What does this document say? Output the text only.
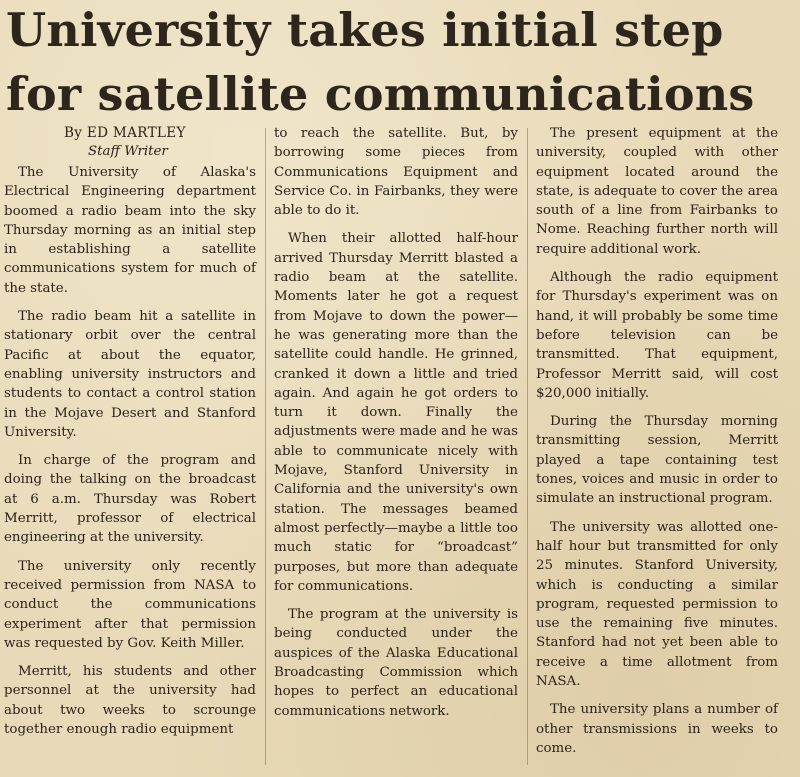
University takes initial step
for satellite communications
By ED MARTLEY
Staff Writer

The University of Alaska's Electrical Engineering department boomed a radio beam into the sky Thursday morning as an initial step in establishing a satellite communications system for much of the state.

The radio beam hit a satellite in stationary orbit over the central Pacific at about the equator, enabling university instructors and students to contact a control station in the Mojave Desert and Stanford University.

In charge of the program and doing the talking on the broadcast at 6 a.m. Thursday was Robert Merritt, professor of electrical engineering at the university.

The university only recently received permission from NASA to conduct the communications experiment after that permission was requested by Gov. Keith Miller.

Merritt, his students and other personnel at the university had about two weeks to scrounge together enough radio equipment

to reach the satellite. But, by borrowing some pieces from Communications Equipment and Service Co. in Fairbanks, they were able to do it.

When their allotted half-hour arrived Thursday Merritt blasted a radio beam at the satellite. Moments later he got a request from Mojave to down the power—he was generating more than the satellite could handle. He grinned, cranked it down a little and tried again. And again he got orders to turn it down. Finally the adjustments were made and he was able to communicate nicely with Mojave, Stanford University in California and the university's own station. The messages beamed almost perfectly—maybe a little too much static for “broadcast” purposes, but more than adequate for communications.

The program at the university is being conducted under the auspices of the Alaska Educational Broadcasting Commission which hopes to perfect an educational communications network.

The present equipment at the university, coupled with other equipment located around the state, is adequate to cover the area south of a line from Fairbanks to Nome. Reaching further north will require additional work.

Although the radio equipment for Thursday's experiment was on hand, it will probably be some time before television can be transmitted. That equipment, Professor Merritt said, will cost $20,000 initially.

During the Thursday morning transmitting session, Merritt played a tape containing test tones, voices and music in order to simulate an instructional program.

The university was allotted one-half hour but transmitted for only 25 minutes. Stanford University, which is conducting a similar program, requested permission to use the remaining five minutes. Stanford had not yet been able to receive a time allotment from NASA.

The university plans a number of other transmissions in weeks to come.
